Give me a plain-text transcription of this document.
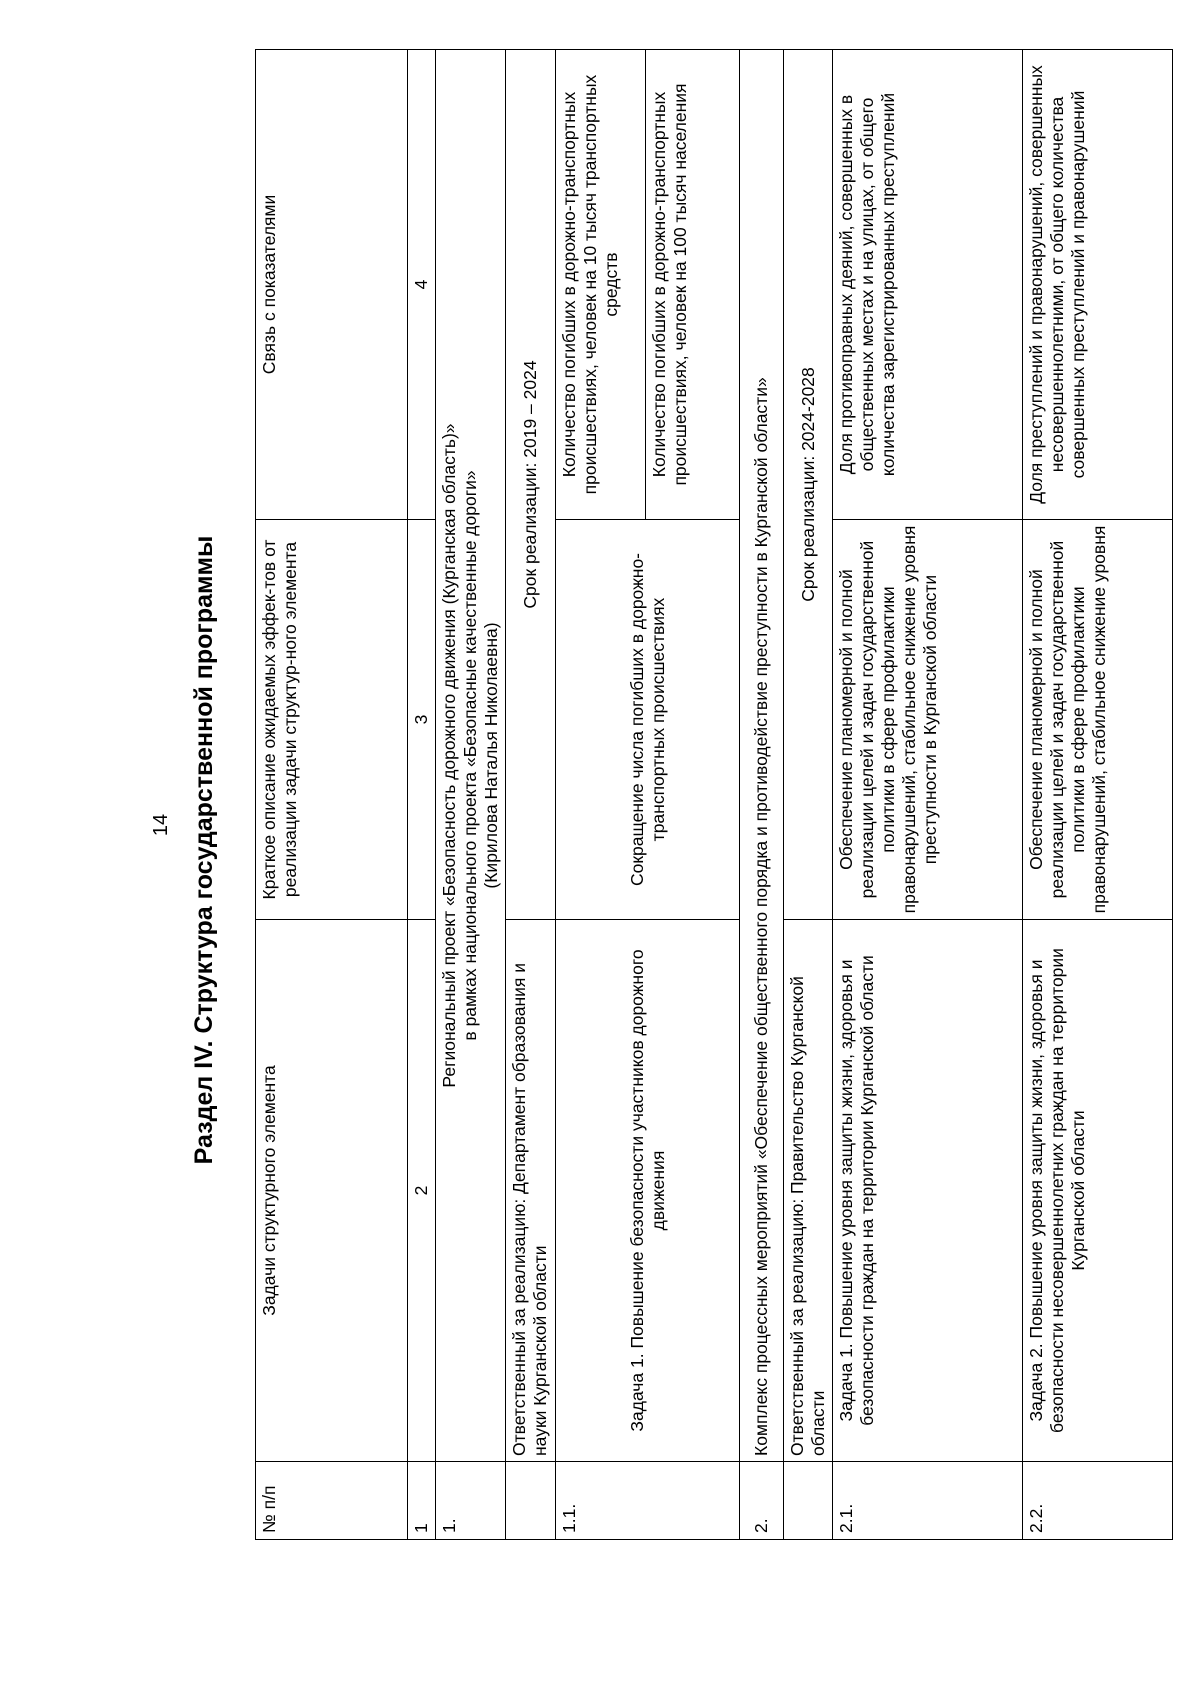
14 Раздел IV. Структура государственной программы
№ п/п	Задачи структурного элемента	Краткое описание ожидаемых эффек-тов от реализации задачи структур-ного элемента	Связь с показателями
1	2	3	4
1.	Региональный проект «Безопасность дорожного движения (Курганская область)» в рамках национального проекта «Безопасные качественные дороги» (Кирилова Наталья Николаевна)		

	Ответственный за реализацию: Департамент образования и науки Курганской области	Срок реализации: 2019 – 2024	
1.1.	Задача 1. Повышение безопасности участников дорожного движения	Сокращение числа погибших в дорожно-транспортных происшествиях	Количество погибших в дорожно-транспортных происшествиях, человек на 10 тысяч транспортных средств
			Количество погибших в дорожно-транспортных происшествиях, человек на 100 тысяч населения
2.	Комплекс процессных мероприятий «Обеспечение общественного порядка и противодействие преступности в Курганской области»		
	Ответственный за реализацию: Правительство Курганской области	Срок реализации: 2024-2028	
2.1.	Задача 1. Повышение уровня защиты жизни, здоровья и безопасности граждан на территории Курганской области	Обеспечение планомерной и полной реализации целей и задач государственной политики в сфере профилактики правонарушений, стабильное снижение уровня преступности в Курганской области	Доля противоправных деяний, совершенных в общественных местах и на улицах, от общего количества зарегистрированных преступлений
2.2.	Задача 2. Повышение уровня защиты жизни, здоровья и безопасности несовершеннолетних граждан на территории Курганской области	Обеспечение планомерной и полной реализации целей и задач государственной политики в сфере профилактики правонарушений, стабильное снижение уровня	Доля преступлений и правонарушений, совершенных несовершеннолетними, от общего количества совершенных преступлений и правонарушений
